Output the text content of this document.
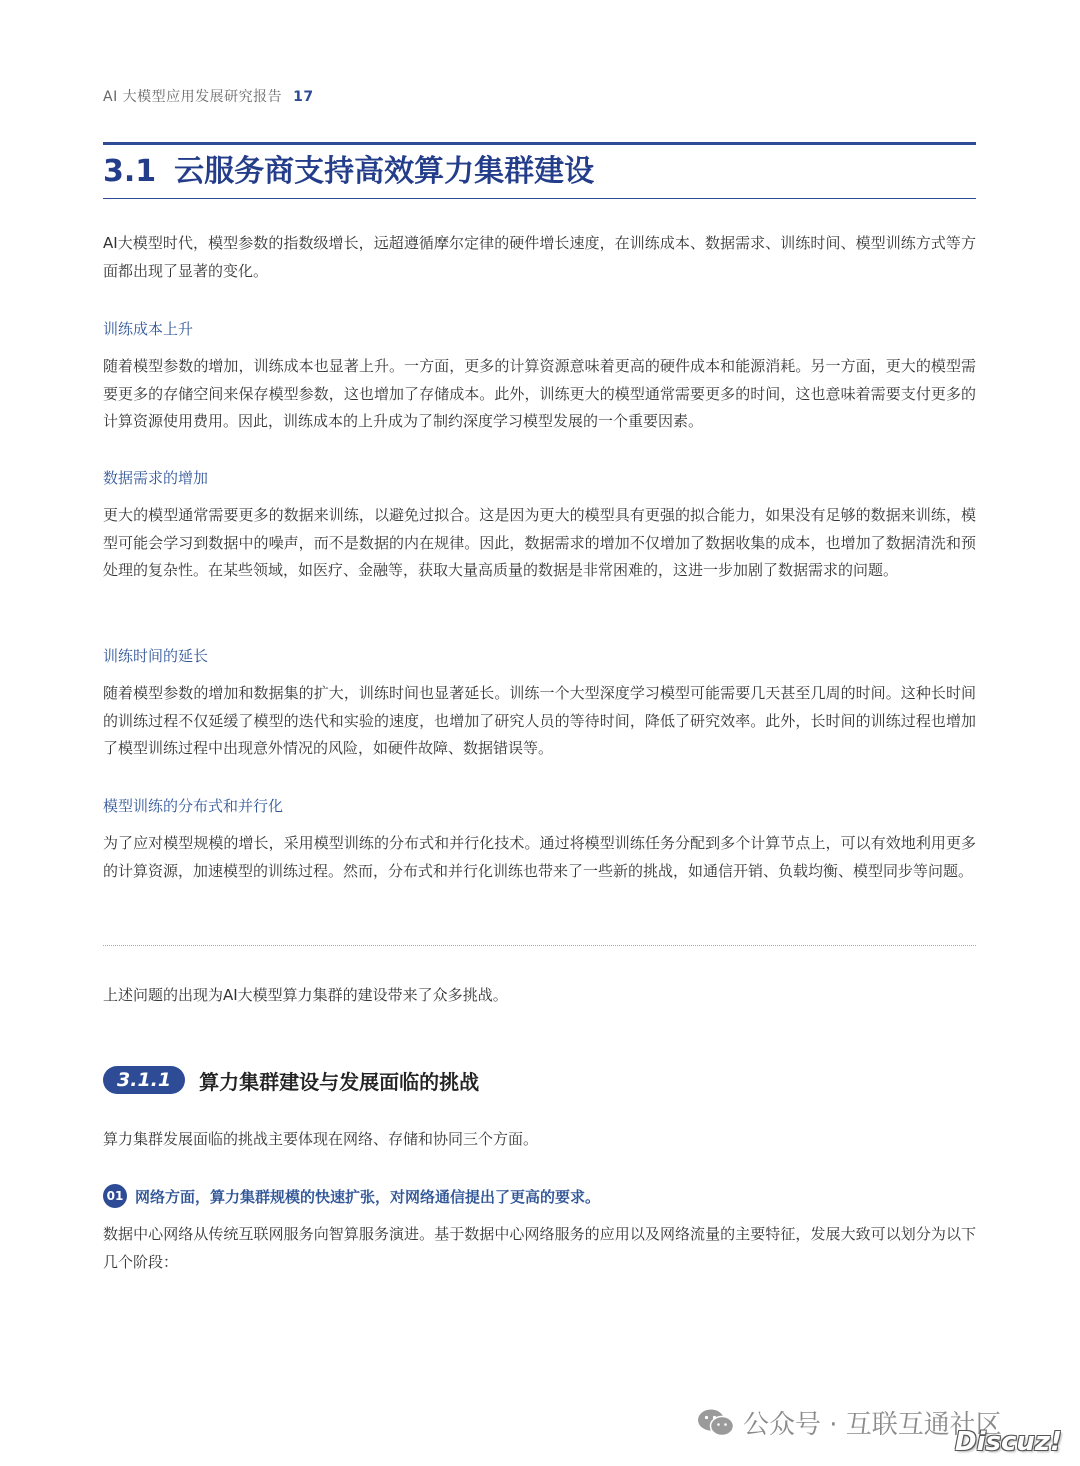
AI 大模型应用发展研究报告 17
3.1 云服务商支持高效算力集群建设

AI大模型时代，模型参数的指数级增长，远超遵循摩尔定律的硬件增长速度，在训练成本、数据需求、训练时间、模型训练方式等方面都出现了显著的变化。

训练成本上升

随着模型参数的增加，训练成本也显著上升。一方面，更多的计算资源意味着更高的硬件成本和能源消耗。另一方面，更大的模型需要更多的存储空间来保存模型参数，这也增加了存储成本。此外，训练更大的模型通常需要更多的时间，这也意味着需要支付更多的计算资源使用费用。因此，训练成本的上升成为了制约深度学习模型发展的一个重要因素。

数据需求的增加

更大的模型通常需要更多的数据来训练，以避免过拟合。这是因为更大的模型具有更强的拟合能力，如果没有足够的数据来训练，模型可能会学习到数据中的噪声，而不是数据的内在规律。因此，数据需求的增加不仅增加了数据收集的成本，也增加了数据清洗和预处理的复杂性。在某些领域，如医疗、金融等，获取大量高质量的数据是非常困难的，这进一步加剧了数据需求的问题。

训练时间的延长

随着模型参数的增加和数据集的扩大，训练时间也显著延长。训练一个大型深度学习模型可能需要几天甚至几周的时间。这种长时间的训练过程不仅延缓了模型的迭代和实验的速度，也增加了研究人员的等待时间，降低了研究效率。此外，长时间的训练过程也增加了模型训练过程中出现意外情况的风险，如硬件故障、数据错误等。

模型训练的分布式和并行化

为了应对模型规模的增长，采用模型训练的分布式和并行化技术。通过将模型训练任务分配到多个计算节点上，可以有效地利用更多的计算资源，加速模型的训练过程。然而，分布式和并行化训练也带来了一些新的挑战，如通信开销、负载均衡、模型同步等问题。

上述问题的出现为AI大模型算力集群的建设带来了众多挑战。

3.1.1	算力集群建设与发展面临的挑战

算力集群发展面临的挑战主要体现在网络、存储和协同三个方面。

01 网络方面，算力集群规模的快速扩张，对网络通信提出了更高的要求。

数据中心网络从传统互联网服务向智算服务演进。基于数据中心网络服务的应用以及网络流量的主要特征，发展大致可以划分为以下几个阶段：

公众号 · 互联互通社区
Discuz!
